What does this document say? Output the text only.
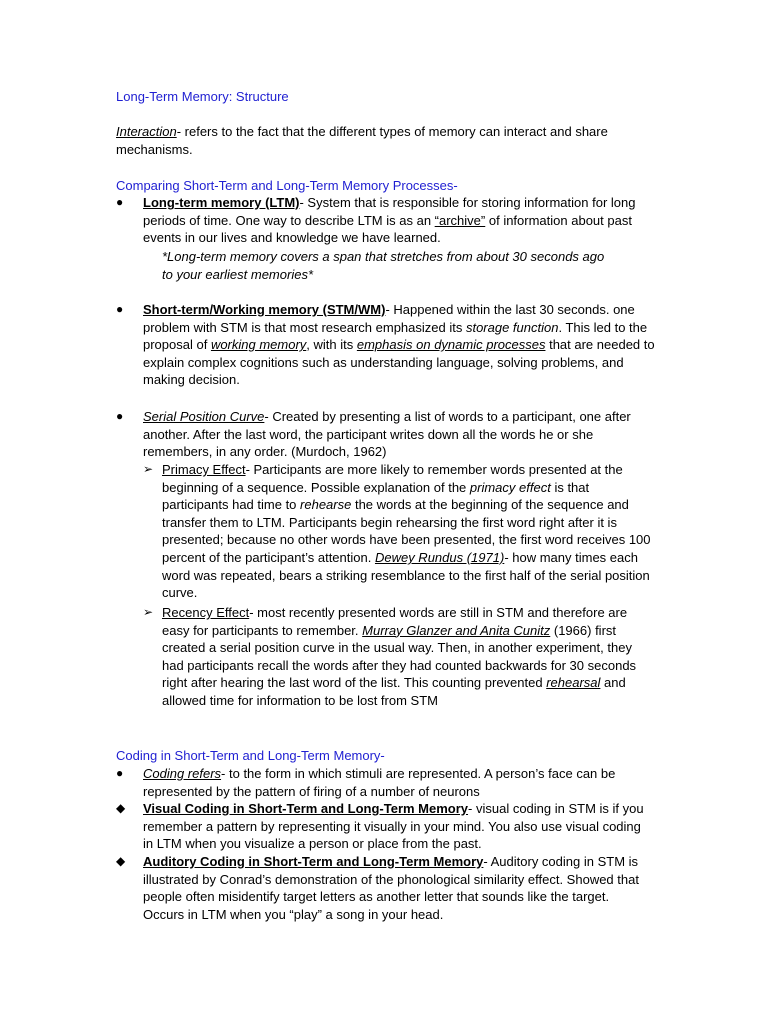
Long-Term Memory: Structure
Interaction- refers to the fact that the different types of memory can interact and share mechanisms.
Comparing Short-Term and Long-Term Memory Processes-
● Long-term memory (LTM)- System that is responsible for storing information for long periods of time. One way to describe LTM is as an “archive” of information about past events in our lives and knowledge we have learned.

*Long-term memory covers a span that stretches from about 30 seconds ago

to your earliest memories*

● Short-term/Working memory (STM/WM)- Happened within the last 30 seconds. one problem with STM is that most research emphasized its storage function. This led to the proposal of working memory, with its emphasis on dynamic processes that are needed to explain complex cognitions such as understanding language, solving problems, and making decision.
● Serial Position Curve- Created by presenting a list of words to a participant, one after another. After the last word, the participant writes down all the words he or she remembers, in any order. (Murdoch, 1962)
➢ Primacy Effect- Participants are more likely to remember words presented at the beginning of a sequence. Possible explanation of the primacy effect is that participants had time to rehearse the words at the beginning of the sequence and transfer them to LTM. Participants begin rehearsing the first word right after it is presented; because no other words have been presented, the first word receives 100 percent of the participant’s attention. Dewey Rundus (1971)- how many times each word was repeated, bears a striking resemblance to the first half of the serial position curve.
➢ Recency Effect- most recently presented words are still in STM and therefore are easy for participants to remember. Murray Glanzer and Anita Cunitz (1966) first created a serial position curve in the usual way. Then, in another experiment, they had participants recall the words after they had counted backwards for 30 seconds right after hearing the last word of the list. This counting prevented rehearsal and allowed time for information to be lost from STM
Coding in Short-Term and Long-Term Memory-
● Coding refers- to the form in which stimuli are represented. A person’s face can be represented by the pattern of firing of a number of neurons
◆ Visual Coding in Short-Term and Long-Term Memory- visual coding in STM is if you remember a pattern by representing it visually in your mind. You also use visual coding in LTM when you visualize a person or place from the past.
◆ Auditory Coding in Short-Term and Long-Term Memory- Auditory coding in STM is illustrated by Conrad’s demonstration of the phonological similarity effect. Showed that people often misidentify target letters as another letter that sounds like the target. Occurs in LTM when you “play” a song in your head.
